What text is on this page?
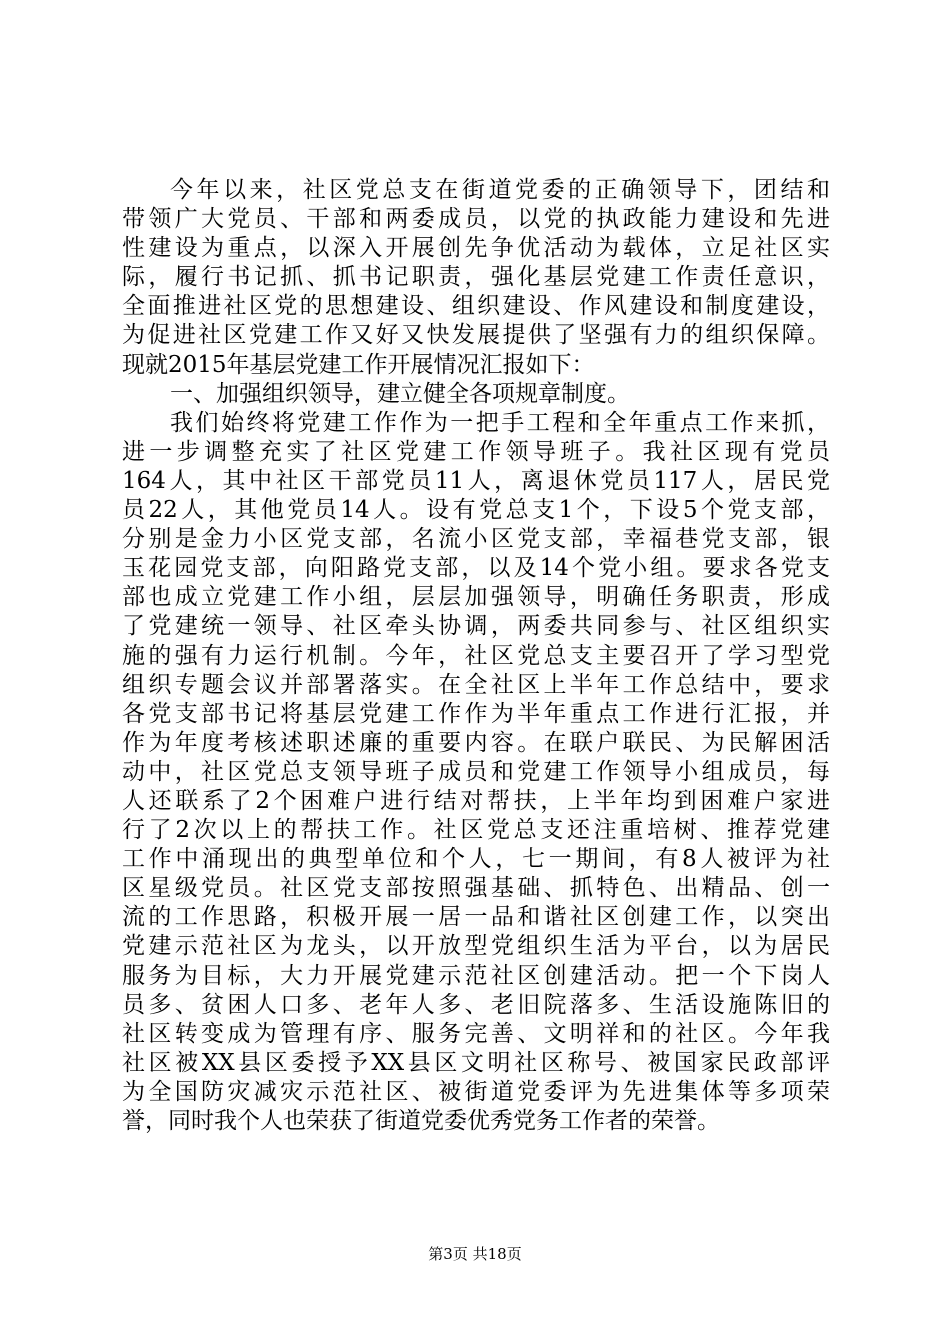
今年以来，社区党总支在街道党委的正确领导下，团结和
带领广大党员、干部和两委成员，以党的执政能力建设和先进
性建设为重点，以深入开展创先争优活动为载体，立足社区实
际，履行书记抓、抓书记职责，强化基层党建工作责任意识，
全面推进社区党的思想建设、组织建设、作风建设和制度建设，
为促进社区党建工作又好又快发展提供了坚强有力的组织保障。
现就2015年基层党建工作开展情况汇报如下：
一、加强组织领导，建立健全各项规章制度。
我们始终将党建工作作为一把手工程和全年重点工作来抓，
进一步调整充实了社区党建工作领导班子。我社区现有党员
164人，其中社区干部党员11人，离退休党员117人，居民党
员22人，其他党员14人。设有党总支1个，下设5个党支部，
分别是金力小区党支部，名流小区党支部，幸福巷党支部，银
玉花园党支部，向阳路党支部，以及14个党小组。要求各党支
部也成立党建工作小组，层层加强领导，明确任务职责，形成
了党建统一领导、社区牵头协调，两委共同参与、社区组织实
施的强有力运行机制。今年，社区党总支主要召开了学习型党
组织专题会议并部署落实。在全社区上半年工作总结中，要求
各党支部书记将基层党建工作作为半年重点工作进行汇报，并
作为年度考核述职述廉的重要内容。在联户联民、为民解困活
动中，社区党总支领导班子成员和党建工作领导小组成员，每
人还联系了2个困难户进行结对帮扶，上半年均到困难户家进
行了2次以上的帮扶工作。社区党总支还注重培树、推荐党建
工作中涌现出的典型单位和个人，七一期间，有8人被评为社
区星级党员。社区党支部按照强基础、抓特色、出精品、创一
流的工作思路，积极开展一居一品和谐社区创建工作，以突出
党建示范社区为龙头，以开放型党组织生活为平台，以为居民
服务为目标，大力开展党建示范社区创建活动。把一个下岗人
员多、贫困人口多、老年人多、老旧院落多、生活设施陈旧的
社区转变成为管理有序、服务完善、文明祥和的社区。今年我
社区被XX县区委授予XX县区文明社区称号、被国家民政部评
为全国防灾减灾示范社区、被街道党委评为先进集体等多项荣
誉，同时我个人也荣获了街道党委优秀党务工作者的荣誉。
第3页 共18页
